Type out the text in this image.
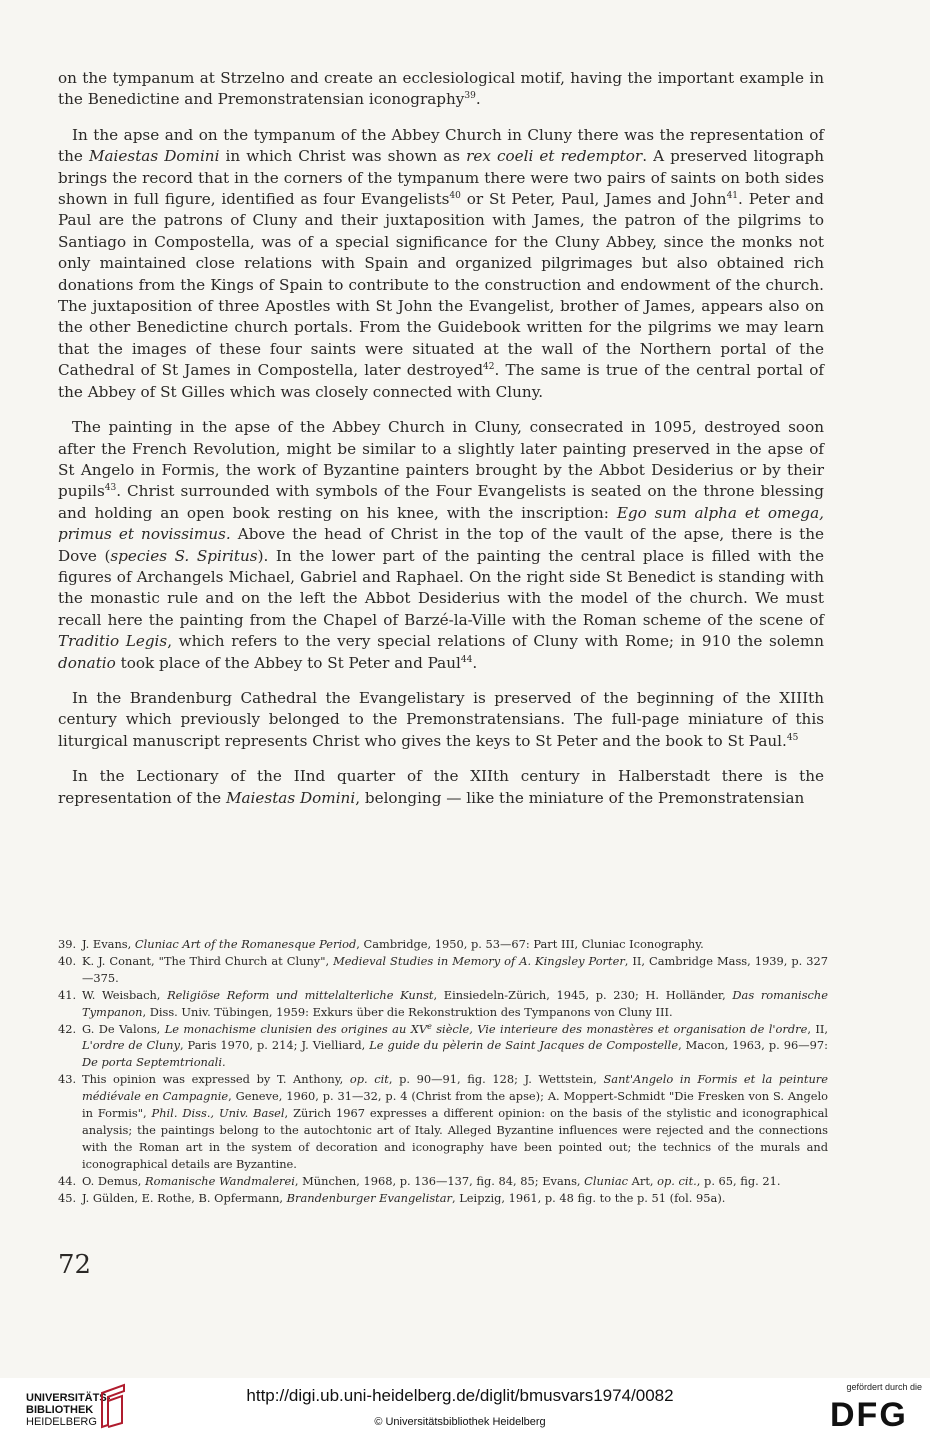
on the tympanum at Strzelno and create an ecclesiological motif, having the important example in the Benedictine and Premonstratensian iconography$^{39}$.

In the apse and on the tympanum of the Abbey Church in Cluny there was the representation of the Maiestas Domini in which Christ was shown as rex coeli et redemptor. A preserved litograph brings the record that in the corners of the tympanum there were two pairs of saints on both sides shown in full figure, identified as four Evangelists$^{40}$ or St Peter, Paul, James and John$^{41}$. Peter and Paul are the patrons of Cluny and their juxtaposition with James, the patron of the pilgrims to Santiago in Compostella, was of a special significance for the Cluny Abbey, since the monks not only maintained close relations with Spain and organized pilgrimages but also obtained rich donations from the Kings of Spain to contribute to the construction and endowment of the church. The juxtaposition of three Apostles with St John the Evangelist, brother of James, appears also on the other Benedictine church portals. From the Guidebook written for the pilgrims we may learn that the images of these four saints were situated at the wall of the Northern portal of the Cathedral of St James in Compostella, later destroyed$^{42}$. The same is true of the central portal of the Abbey of St Gilles which was closely connected with Cluny.

The painting in the apse of the Abbey Church in Cluny, consecrated in 1095, destroyed soon after the French Revolution, might be similar to a slightly later painting preserved in the apse of St Angelo in Formis, the work of Byzantine painters brought by the Abbot Desiderius or by their pupils$^{43}$. Christ surrounded with symbols of the Four Evangelists is seated on the throne blessing and holding an open book resting on his knee, with the inscription: Ego sum alpha et omega, primus et novissimus. Above the head of Christ in the top of the vault of the apse, there is the Dove (species S. Spiritus). In the lower part of the painting the central place is filled with the figures of Archangels Michael, Gabriel and Raphael. On the right side St Benedict is standing with the monastic rule and on the left the Abbot Desiderius with the model of the church. We must recall here the painting from the Chapel of Barzé-la-Ville with the Roman scheme of the scene of Traditio Legis, which refers to the very special relations of Cluny with Rome; in 910 the solemn donatio took place of the Abbey to St Peter and Paul$^{44}$.

In the Brandenburg Cathedral the Evangelistary is preserved of the beginning of the XIIIth century which previously belonged to the Premonstratensians. The full-page miniature of this liturgical manuscript represents Christ who gives the keys to St Peter and the book to St Paul.$^{45}$

In the Lectionary of the IInd quarter of the XIIth century in Halberstadt there is the representation of the Maiestas Domini, belonging — like the miniature of the Premonstratensian

39. J. Evans, Cluniac Art of the Romanesque Period, Cambridge, 1950, p. 53—67: Part III, Cluniac Iconography.
40. K. J. Conant, "The Third Church at Cluny", Medieval Studies in Memory of A. Kingsley Porter, II, Cambridge Mass, 1939, p. 327—375.
41. W. Weisbach, Religiöse Reform und mittelalterliche Kunst, Einsiedeln-Zürich, 1945, p. 230; H. Holländer, Das romanische Tympanon, Diss. Univ. Tübingen, 1959: Exkurs über die Rekonstruktion des Tympanons von Cluny III.
42. G. De Valons, Le monachisme clunisien des origines au XVe siècle, Vie interieure des monastères et organisation de l'ordre, II, L'ordre de Cluny, Paris 1970, p. 214; J. Vielliard, Le guide du pèlerin de Saint Jacques de Compostelle, Macon, 1963, p. 96—97: De porta Septemtrionali.
43. This opinion was expressed by T. Anthony, op. cit, p. 90—91, fig. 128; J. Wettstein, Sant'Angelo in Formis et la peinture médiévale en Campagnie, Geneve, 1960, p. 31—32, p. 4 (Christ from the apse); A. Moppert-Schmidt "Die Fresken von S. Angelo in Formis", Phil. Diss., Univ. Basel, Zürich 1967 expresses a different opinion: on the basis of the stylistic and iconographical analysis; the paintings belong to the autochtonic art of Italy. Alleged Byzantine influences were rejected and the connections with the Roman art in the system of decoration and iconography have been pointed out; the technics of the murals and iconographical details are Byzantine.
44. O. Demus, Romanische Wandmalerei, München, 1968, p. 136—137, fig. 84, 85; Evans, Cluniac Art, op. cit., p. 65, fig. 21.
45. J. Gülden, E. Rothe, B. Opfermann, Brandenburger Evangelistar, Leipzig, 1961, p. 48 fig. to the p. 51 (fol. 95a).
72
UNIVERSITÄTS-
BIBLIOTHEK
HEIDELBERG
http://digi.ub.uni-heidelberg.de/diglit/bmusvars1974/0082
© Universitätsbibliothek Heidelberg
gefördert durch die
DFG
